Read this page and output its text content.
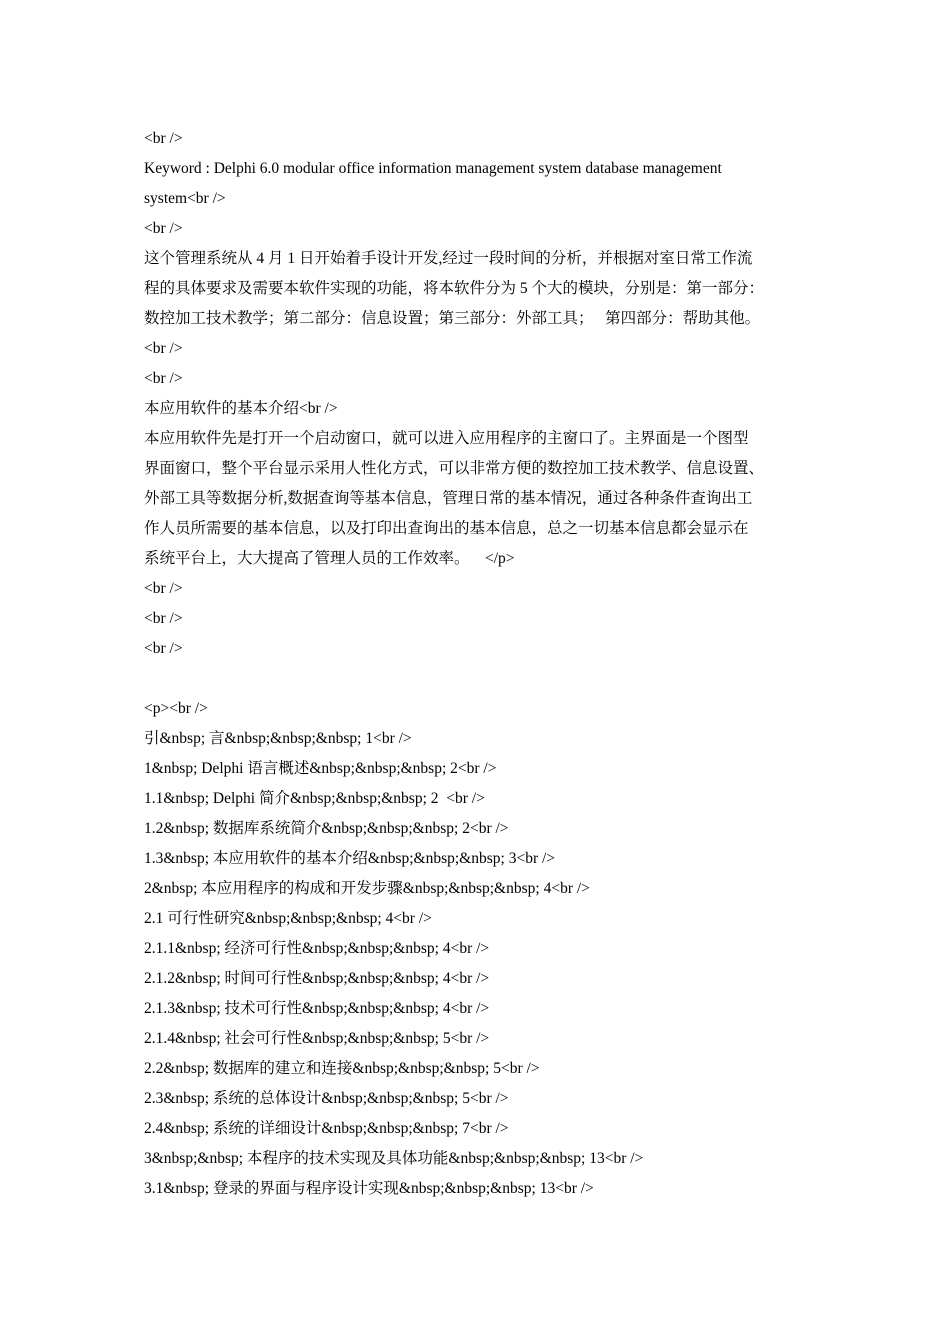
<br />
Keyword : Delphi 6.0 modular office information management system database management
system<br />
<br />
这个管理系统从 4 月 1 日开始着手设计开发,经过一段时间的分析，并根据对室日常工作流
程的具体要求及需要本软件实现的功能，将本软件分为 5 个大的模块，分别是：第一部分：
数控加工技术教学；第二部分：信息设置；第三部分：外部工具；   第四部分：帮助其他。
<br />
<br />
本应用软件的基本介绍<br />
本应用软件先是打开一个启动窗口，就可以进入应用程序的主窗口了。主界面是一个图型
界面窗口，整个平台显示采用人性化方式，可以非常方便的数控加工技术教学、信息设置、
外部工具等数据分析,数据查询等基本信息，管理日常的基本情况，通过各种条件查询出工
作人员所需要的基本信息，以及打印出查询出的基本信息，总之一切基本信息都会显示在
系统平台上，大大提高了管理人员的工作效率。    </p>
<br />
<br />
<br />
<p><br />
引&nbsp; 言&nbsp;&nbsp;&nbsp; 1<br />
1&nbsp; Delphi 语言概述&nbsp;&nbsp;&nbsp; 2<br />
1.1&nbsp; Delphi 简介&nbsp;&nbsp;&nbsp; 2  <br />
1.2&nbsp; 数据库系统简介&nbsp;&nbsp;&nbsp; 2<br />
1.3&nbsp; 本应用软件的基本介绍&nbsp;&nbsp;&nbsp; 3<br />
2&nbsp; 本应用程序的构成和开发步骤&nbsp;&nbsp;&nbsp; 4<br />
2.1 可行性研究&nbsp;&nbsp;&nbsp; 4<br />
2.1.1&nbsp; 经济可行性&nbsp;&nbsp;&nbsp; 4<br />
2.1.2&nbsp; 时间可行性&nbsp;&nbsp;&nbsp; 4<br />
2.1.3&nbsp; 技术可行性&nbsp;&nbsp;&nbsp; 4<br />
2.1.4&nbsp; 社会可行性&nbsp;&nbsp;&nbsp; 5<br />
2.2&nbsp; 数据库的建立和连接&nbsp;&nbsp;&nbsp; 5<br />
2.3&nbsp; 系统的总体设计&nbsp;&nbsp;&nbsp; 5<br />
2.4&nbsp; 系统的详细设计&nbsp;&nbsp;&nbsp; 7<br />
3&nbsp;&nbsp; 本程序的技术实现及具体功能&nbsp;&nbsp;&nbsp; 13<br />
3.1&nbsp; 登录的界面与程序设计实现&nbsp;&nbsp;&nbsp; 13<br />
